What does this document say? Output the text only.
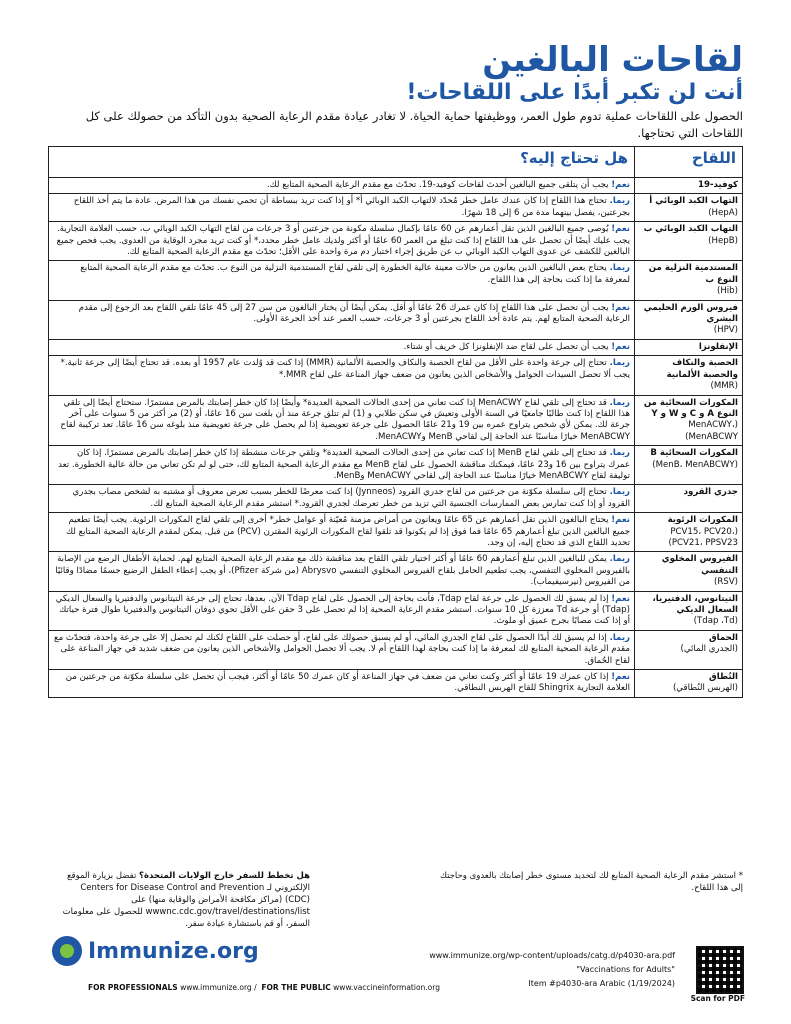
لقاحات البالغين
أنت لن تكبر أبدًا على اللقاحات!

الحصول على اللقاحات عملية تدوم طول العمر، ووظيفتها حماية الحياة. لا تغادر عيادة مقدم الرعاية الصحية بدون التأكد من حصولك على كل اللقاحات التي تحتاجها.

اللقاح	هل تحتاج إليه؟
كوفيد-19	نعم! يجب أن يتلقى جميع البالغين أحدث لقاحات كوفيد-19. تحدّث مع مقدم الرعاية الصحية المتابع لك.
التهاب الكبد الوبائي أ
(HepA)	ربما. تحتاج هذا اللقاح إذا كان عندك عامل خطر مُحدّد لالتهاب الكبد الوبائي أ* أو إذا كنت تريد ببساطة أن تحمي نفسك من هذا المرض. عادة ما يتم أخذ اللقاح بجرعتين، يفصل بينهما مدة من 6 إلى 18 شهرًا.
التهاب الكبد الوبائي ب
(HepB)	نعم! يُوصى جميع البالغين الذين تقل أعمارهم عن 60 عامًا بإكمال سلسلة مكونة من جرعتين أو 3 جرعات من لقاح التهاب الكبد الوبائي ب، حسب العلامة التجارية. يجب عليك أيضًا أن تحصل على هذا اللقاح إذا كنت تبلغ من العمر 60 عامًا أو أكثر ولديك عامل خطر محدد،* أو كنت تريد مجرد الوقاية من العدوى. يجب فحص جميع البالغين للكشف عن عدوى التهاب الكبد الوبائي ب عن طريق إجراء اختبار دم مرة واحدة على الأقل؛ تحدّث مع مقدم الرعاية الصحية المتابع لك.
المستدمية النزلية من النوع ب
(Hib)	ربما. يحتاج بعض البالغين الذين يعانون من حالات معينة عالية الخطورة إلى تلقي لقاح المستدمية النزلية من النوع ب. تحدّث مع مقدم الرعاية الصحية المتابع لمعرفة ما إذا كنت بحاجة إلى هذا اللقاح.
فيروس الورم الحليمي البشري
(HPV)	نعم! يجب أن تحصل على هذا اللقاح إذا كان عمرك 26 عامًا أو أقل. يمكن أيضًا أن يختار البالغون من سن 27 إلى 45 عامًا تلقي اللقاح بعد الرجوع إلى مقدم الرعاية الصحية المتابع لهم. يتم عادة أخذ اللقاح بجرعتين أو 3 جرعات، حسب العمر عند أخذ الجرعة الأولى.
الإنفلونزا	نعم! يجب أن تحصل على لقاح ضد الإنفلونزا كل خريف أو شتاء.
الحصبة والنكاف والحصبة الألمانية
(MMR)	ربما. تحتاج إلى جرعة واحدة على الأقل من لقاح الحصبة والنكاف والحصبة الألمانية (MMR) إذا كنت قد وُلدت عام 1957 أو بعده. قد تحتاج أيضًا إلى جرعة ثانية.* يجب ألا تحصل السيدات الحوامل والأشخاص الذين يعانون من ضعف جهاز المناعة على لقاح MMR.*
المكورات السحائية من النوع A و C و W و Y
(MenACWY، MenABCWY)	ربما. قد تحتاج إلى تلقي لقاح MenACWY إذا كنت تعاني من إحدى الحالات الصحية العديدة* وأيضًا إذا كان خطر إصابتك بالمرض مستمرًا. ستحتاج أيضًا إلى تلقي هذا اللقاح إذا كنت طالبًا جامعيًا في السنة الأولى وتعيش في سكن طلابي و (1) لم تتلق جرعة منذ أن بلغت سن 16 عامًا، أو (2) مر أكثر من 5 سنوات على آخر جرعة لك. يمكن لأي شخص يتراوح عمره بين 19 و21 عامًا الحصول على جرعة تعويضية إذا لم يحصل على جرعة تعويضية منذ بلوغه سن 16 عامًا. تعد تركيبة لقاح MenABCWY خيارًا مناسبًا عند الحاجة إلى لقاحي MenB وMenACWY.
المكورات السحائية B
(MenB، MenABCWY)	ربما. قد تحتاج إلى تلقي لقاح MenB إذا كنت تعاني من إحدى الحالات الصحية العديدة* وتلقي جرعات منشطة إذا كان خطر إصابتك بالمرض مستمرًا. إذا كان عمرك يتراوح بين 16 و23 عامًا، فيمكنك مناقشة الحصول على لقاح MenB مع مقدم الرعاية الصحية المتابع لك، حتى لو لم تكن تعاني من حالة عالية الخطورة. تعد توليفة لقاح MenABCWY خيارًا مناسبًا عند الحاجة إلى لقاحي MenACWY وMenB.
جدري القرود	ربما. تحتاج إلى سلسلة مكوّنة من جرعتين من لقاح جدري القرود (Jynneos) إذا كنت معرضًا للخطر بسبب تعرض معروف أو مشتبه به لشخص مصاب بجدري القرود أو إذا كنت تمارس بعض الممارسات الجنسية التي تزيد من خطر تعرضك لجدري القرود.* استشر مقدم الرعاية الصحية المتابع لك.
المكورات الرئوية
(PCV15، PCV20، PCV21، PPSV23)	نعم! يحتاج البالغون الذين تقل أعمارهم عن 65 عامًا ويعانون من أمراض مزمنة مُعيّنة أو عوامل خطر* أخرى إلى تلقي لقاح المكورات الرئوية. يجب أيضًا تطعيم جميع البالغين الذين تبلغ أعمارهم 65 عامًا فما فوق إذا لم يكونوا قد تلقوا لقاح المكورات الرئوية المقترن (PCV) من قبل. يمكن لمقدم الرعاية الصحية المتابع لك تحديد اللقاح الذي قد تحتاج إليه، إن وجد.
الفيروس المخلوي التنفسي
(RSV)	ربما. يمكن للبالغين الذين تبلغ أعمارهم 60 عامًا أو أكثر اختيار تلقي اللقاح بعد مناقشة ذلك مع مقدم الرعاية الصحية المتابع لهم. لحماية الأطفال الرضع من الإصابة بالفيروس المخلوي التنفسي، يجب تطعيم الحامل بلقاح الفيروس المخلوي التنفسي Abrysvo (من شركة Pfizer)، أو يجب إعطاء الطفل الرضيع جسمًا مضادًا وقائيًا من الفيروس (نيرسيفيماب).
التيتانوس، الدفتيريا، السعال الديكي
(Tdap ،Td)	نعم! إذا لم يسبق لك الحصول على جرعة لقاح Tdap، فأنت بحاجة إلى الحصول على لقاح Tdap الآن. بعدها، تحتاج إلى جرعة التيتانوس والدفتيريا والسعال الديكي (Tdap) أو جرعة Td معززة كل 10 سنوات. استشر مقدم الرعاية الصحية إذا لم تحصل على 3 حقن على الأقل تحوي ذوفان التيتانوس والدفتيريا طوال فترة حياتك أو إذا كنت مصابًا بجرح عميق أو ملوث.
الحماق
(الجدري المائي)	ربما. إذا لم يسبق لك أبدًا الحصول على لقاح الجدري المائي، أو لم يسبق حصولك على لقاح، أو حصلت على اللقاح لكنك لم تحصل إلا على جرعة واحدة، فتحدّث مع مقدم الرعاية الصحية المتابع لك لمعرفة ما إذا كنت بحاجة لهذا اللقاح أم لا. يجب ألا تحصل الحوامل والأشخاص الذين يعانون من ضعف شديد في جهاز المناعة على لقاح الحُماق.
النُطاق
(الهربس النُطاقي)	نعم! إذا كان عمرك 19 عامًا أو أكثر وكنت تعاني من ضعف في جهاز المناعة أو كان عمرك 50 عامًا أو أكثر، فيجب أن تحصل على سلسلة مكوّنة من جرعتين من العلامة التجارية Shingrix للقاح الهربس النطاقي.
* استشر مقدم الرعاية الصحية المتابع لك لتحديد مستوى خطر إصابتك بالعدوى وحاجتك إلى هذا اللقاح.
هل تخطط للسفر خارج الولايات المتحدة؟ تفضل بزيارة الموقع الإلكتروني لـ Centers for Disease Control and Prevention (CDC) (مراكز مكافحة الأمراض والوقاية منها) على wwwnc.cdc.gov/travel/destinations/list للحصول على معلومات السفر، أو قم باستشارة عيادة سفر.
Immunize.org
FOR PROFESSIONALS www.immunize.org / FOR THE PUBLIC www.vaccineinformation.org
www.immunize.org/wp-content/uploads/catg.d/p4030-ara.pdf
"Vaccinations for Adults"
Item #p4030-ara Arabic (1/19/2024)
Scan for PDF
